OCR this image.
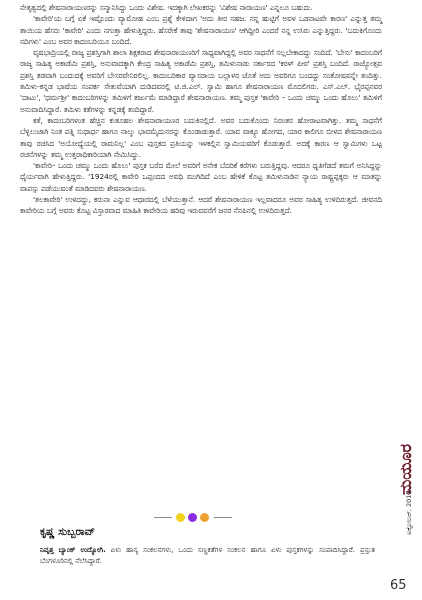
ನೇತೃತ್ವದಲ್ಲಿ ಶೇಷನಾರಾಯಣರನ್ನು ಸನ್ಮಾನಿಸಿದ್ದು ಒಂದು ವಿಶೇಷ. ಇದಕ್ಕಾಗಿ ಲೇಖಕರನ್ನು 'ವಿಶೇಷ ನಾರಾಯಣ' ಎನ್ನಲೂ ಬಹುದು.

'ಕಾವೇರಿ'ಯ ಬಗ್ಗೆ ಏಕೆ ಇಷ್ಟೊಂದು ವ್ಯಾಮೋಹ ಎಂಬ ಪ್ರಶ್ನೆ ಕೇಳಿದಾಗ 'ಅದು ತೀರ ಸಹಜ. ನನ್ನ ಹುಟ್ಟಿಗೆ ಅವಳ ಒಡನಾಟವೇ ಕಾರಣ' ಎನ್ನುತ್ತ ತಮ್ಮ ತಾಯಿಯ ಹೆಸರು 'ಕಾವೇರಿ' ಎಂದು ನಗುತ್ತಾ ಹೇಳುತ್ತಿದ್ದರು. ಹೆಸರೇಕೆ ತಾವು 'ಶೇಷನಾರಾಯಣ' ಆಗಿದ್ದೀರಿ ಎಂದರೆ ನನ್ನ ಉಸಿರು ಎನ್ನುತ್ತಿದ್ದರು. 'ಬದುಕಿಗೊಂದು ನದಿಗಳು' ಎಂಬ ಅವರ ಕಾದಂಬರಿಯೂ ಬಂದಿದೆ.

ವೃಷಭಾದ್ರಿಯಲ್ಲಿ ರಾಜ್ಯ ಪ್ರಶಸ್ತಿಗಾಗಿ ಶಾಲಾ ಶಿಕ್ಷಕರಾದ ಶೇಷನಾರಾಯಣರಿಗೆ ಸಾಧ್ಯವಾಗಿದ್ದಲ್ಲಿ ಅವರ ಸಾಧನೆಗೆ ಸಲ್ಲಬೇಕಾದದ್ದು ಸಂದಿದೆ. 'ಬೇಸು' ಕಾದಂಬರಿಗೆ ರಾಜ್ಯ ಸಾಹಿತ್ಯ ಅಕಾಡೆಮಿ ಪ್ರಶಸ್ತಿ, ಅನುವಾದಕ್ಕಾಗಿ ಕೇಂದ್ರ ಸಾಹಿತ್ಯ ಅಕಾಡೆಮಿ ಪ್ರಶಸ್ತಿ, ತಮಿಳುನಾಡು ಸರ್ಕಾರದ 'ಕರಳ್ ಪೀಠ' ಪ್ರಶಸ್ತಿ ಬಂದಿದೆ. ರಾಜ್ಯೋತ್ಸವ ಪ್ರಶಸ್ತಿ ತಡವಾಗಿ ಬಂದುದಕ್ಕೆ ಅವರಿಗೆ ಬೇಸರವೇನಿರಲಿಲ್ಲ. ಕಾದಂಬರಿಕಾರ ವ್ಯಾಸರಾಯ ಬಲ್ಲಾಳರ ಜೊತೆ ಅದು ಅವರಿಗೂ ಬಂದದ್ದು ಸಂತೋಷವನ್ನೇ ತಂದಿತ್ತು. ತಮಿಳು-ಕನ್ನಡ ಭಾಷೆಯ ಸಂಪರ್ಕ ಸೇತುವೆಯಾಗಿ ದುಡಿದವರಲ್ಲಿ ಟಿ.ಜಿ.ಎಲ್. ಸ್ವಾಮಿ ಹಾಗೂ ಶೇಷನಾರಾಯಣ ಮೊದಲಿಗರು. ಎಸ್.ಎಲ್. ಭೈರಪ್ಪನವರ 'ದಾಟು', 'ಧರ್ಮಶ್ರೀ' ಕಾದಂಬರಿಗಳನ್ನು ತಮಿಳಿಗೆ ತರ್ಜುಮೆ ಮಾಡಿದ್ದಾರೆ ಶೇಷನಾರಾಯಣ. ತಮ್ಮ ಪುಸ್ತಕ 'ಕಾವೇರಿ – ಒಂದು ಚಮ್ಮು ಒಂದು ಹೊಲು' ತಮಿಳಿಗೆ ಅನುವಾದಿಸಿದ್ದಾರೆ. ತಮಿಳು ಕತೆಗಳನ್ನು ಕನ್ನಡಕ್ಕೆ ತಂದಿದ್ದಾರೆ.

ಕತೆ, ಕಾದಂಬರಿಗಳಂತ ಹೆಚ್ಚಿನ ಕುತೂಹಲ ಶೇಷನಾರಾಯಣರ ಬದುಕಿನಲ್ಲಿದೆ. ಅವರ ಬದುಕೊಂದು ನಿರಂತರ ಹೋರಾಟವಾಗಿತ್ತು. ತಮ್ಮ ಸಾಧನೆಗೆ ಬೆಳ್ಳಿಲುಜಾಗಿ ನಿಂತ ಪತ್ನಿ ಸುಧಾರ್ಧ ಹಾಗೂ ನಾಲ್ಕು ಭಾವಮೈದುನರನ್ನು ಕೊಂಡಾಡುತ್ತಾರೆ. ಯಾವ ವಾಕ್ಯೂ ಹೋಗದ, ಯಾರ ಕಾಲಿಗೂ ಬೀಳದ ಶೇಷನಾರಾಯಣ ತಾವು ರಚಿಸಿದ 'ಅಯೋಧ್ಯೆಯಲ್ಲಿ ರಾಮನಿಲ್ಲ' ಎಂಬ ಪುಸ್ತಕದ ಪ್ರತಿಯನ್ನು ಇಳಕಲ್ಲಿನ ಸ್ವಾಮಿಯವರಿಗೆ ಕೊಡುತ್ತಾರೆ. ಅದಕ್ಕೆ ಕಾರಣ ಆ ಸ್ವಾಮಿಗಳು ಒಟ್ಟ ರಚನೆಗಳನ್ನು ತಮ್ಮ ಉತ್ತರಾಧಿಕಾರಿಯಾಗಿ ನೇಮಿಸಿದ್ದು.

'ಕಾವೇರಿ– ಒಂದು ಚಮ್ಮು ಒಂದು ಹೊಲು' ಪುಸ್ತಕ ಬರೆದ ಮೇಲೆ ಅವರಿಗೆ ಅನೇಕ ಬೆದರಿಕೆ ಕರೆಗಳು ಬರುತ್ತಿದ್ದವು. ಆದರೂ ಧೃತಿಗೆಡದೆ ತಮಗೆ ಅನಿಸಿದ್ದನ್ನು ಧೈರ್ಯವಾಗಿ ಹೇಳುತ್ತಿದ್ದರು. '1924ರಲ್ಲಿ ಕಾವೇರಿ ಒಪ್ಪಂದದ ಅವಧಿ ಮುಗಿದಿದೆ ಎಂಬ ಹೇಳಿಕೆ ಕೊಟ್ಟ ತಮಿಳುನಾಡಿನ ನ್ಯಾಯ ರಾಷ್ಟ್ರಪ್ಪಕ್ಕರು ಆ ಮಾತನ್ನು ವಾಪಸ್ಸು ಪಡೆಯುವಂತೆ ಮಾಡಿದವರು ಶೇಷನಾರಾಯಣ.

'ತಲಕಾವೇರಿ' ಉಳಿದದ್ದು, ಕರುನಾ ಎನ್ನುವ ಆಧಾರದಲ್ಲಿ ಬೆಳೆಯುತ್ತಾನೆ. ಆದರೆ ಶೇಷನಾರಾಯಣ ಇಲ್ಲವಾದರೂ ಅವರ ಸಾಹಿತ್ಯ ಉಳಿದಿರುತ್ತದೆ. ಜೀವನದಿ ಕಾವೇರಿಯ ಬಗ್ಗೆ ಅವರು ಕೊಟ್ಟ ವಿಸ್ತಾರವಾದ ಮಾಹಿತಿ ಕಾವೇರಿಯ ಹರಿವು ಇರುವವರೆಗೆ ಜನರ ನೆನಪಿನಲ್ಲಿ ಉಳಿದಿರುತ್ತದೆ.

ಕೃಷ್ಣ ಸುಬ್ಬರಾವ್
ನಿವೃತ್ತ ಬ್ಯಾಂಕ್ ಉದ್ಯೋಗಿ. ಏಳು ಹಾಸ್ಯ ಸಂಕಲನಗಳು, ಒಂದು ಸಣ್ಣಕತೆಗಳ ಸಂಕಲನ ಹಾಗೂ ಏಳು ಪುಸ್ತಕಗಳನ್ನು ಸಂಪಾದಿಸಿದ್ದಾರೆ. ಪ್ರಸ್ತುತ ಬೆಂಗಳೂರಿನಲ್ಲಿ ನೆಲೆಸಿದ್ದಾರೆ.
ಮಯೂರ
ಅಕ್ಟೋಬರ್, 2019
65
